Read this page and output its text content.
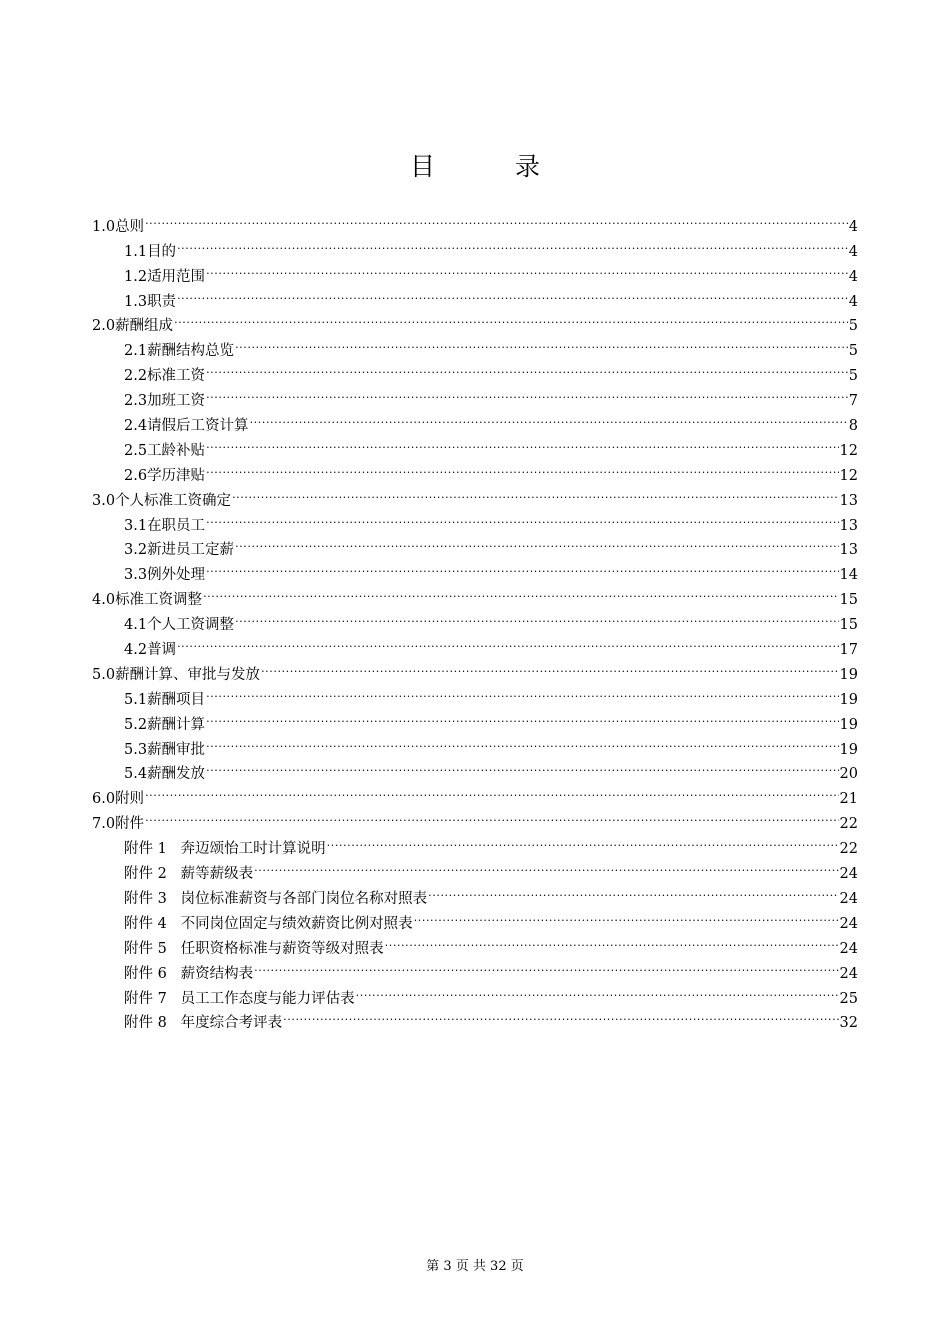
目 录
1.0总则 .....	4
1.1目的 .....	4
1.2适用范围 .....	4
1.3职责 .....	4
2.0薪酬组成 .....	5
2.1薪酬结构总览 .....	5
2.2标准工资 .....	5
2.3加班工资 .....	7
2.4请假后工资计算 .....	8
2.5工龄补贴 .....	12
2.6学历津贴 .....	12
3.0个人标准工资确定 .....	13
3.1在职员工 .....	13
3.2新进员工定薪 .....	13
3.3例外处理 .....	14
4.0标准工资调整 .....	15
4.1个人工资调整 .....	15
4.2普调 .....	17
5.0薪酬计算、审批与发放 .....	19
5.1薪酬项目 .....	19
5.2薪酬计算 .....	19
5.3薪酬审批 .....	19
5.4薪酬发放 .....	20
6.0附则 .....	21
7.0附件 .....	22
附件 1 奔迈颂怡工时计算说明 .....	22
附件 2 薪等薪级表 .....	24
附件 3 岗位标准薪资与各部门岗位名称对照表 .....	24
附件 4 不同岗位固定与绩效薪资比例对照表 .....	24
附件 5 任职资格标准与薪资等级对照表 .....	24
附件 6 薪资结构表 .....	24
附件 7 员工工作态度与能力评估表 .....	25
附件 8 年度综合考评表 .....	32
第 3 页 共 32 页
